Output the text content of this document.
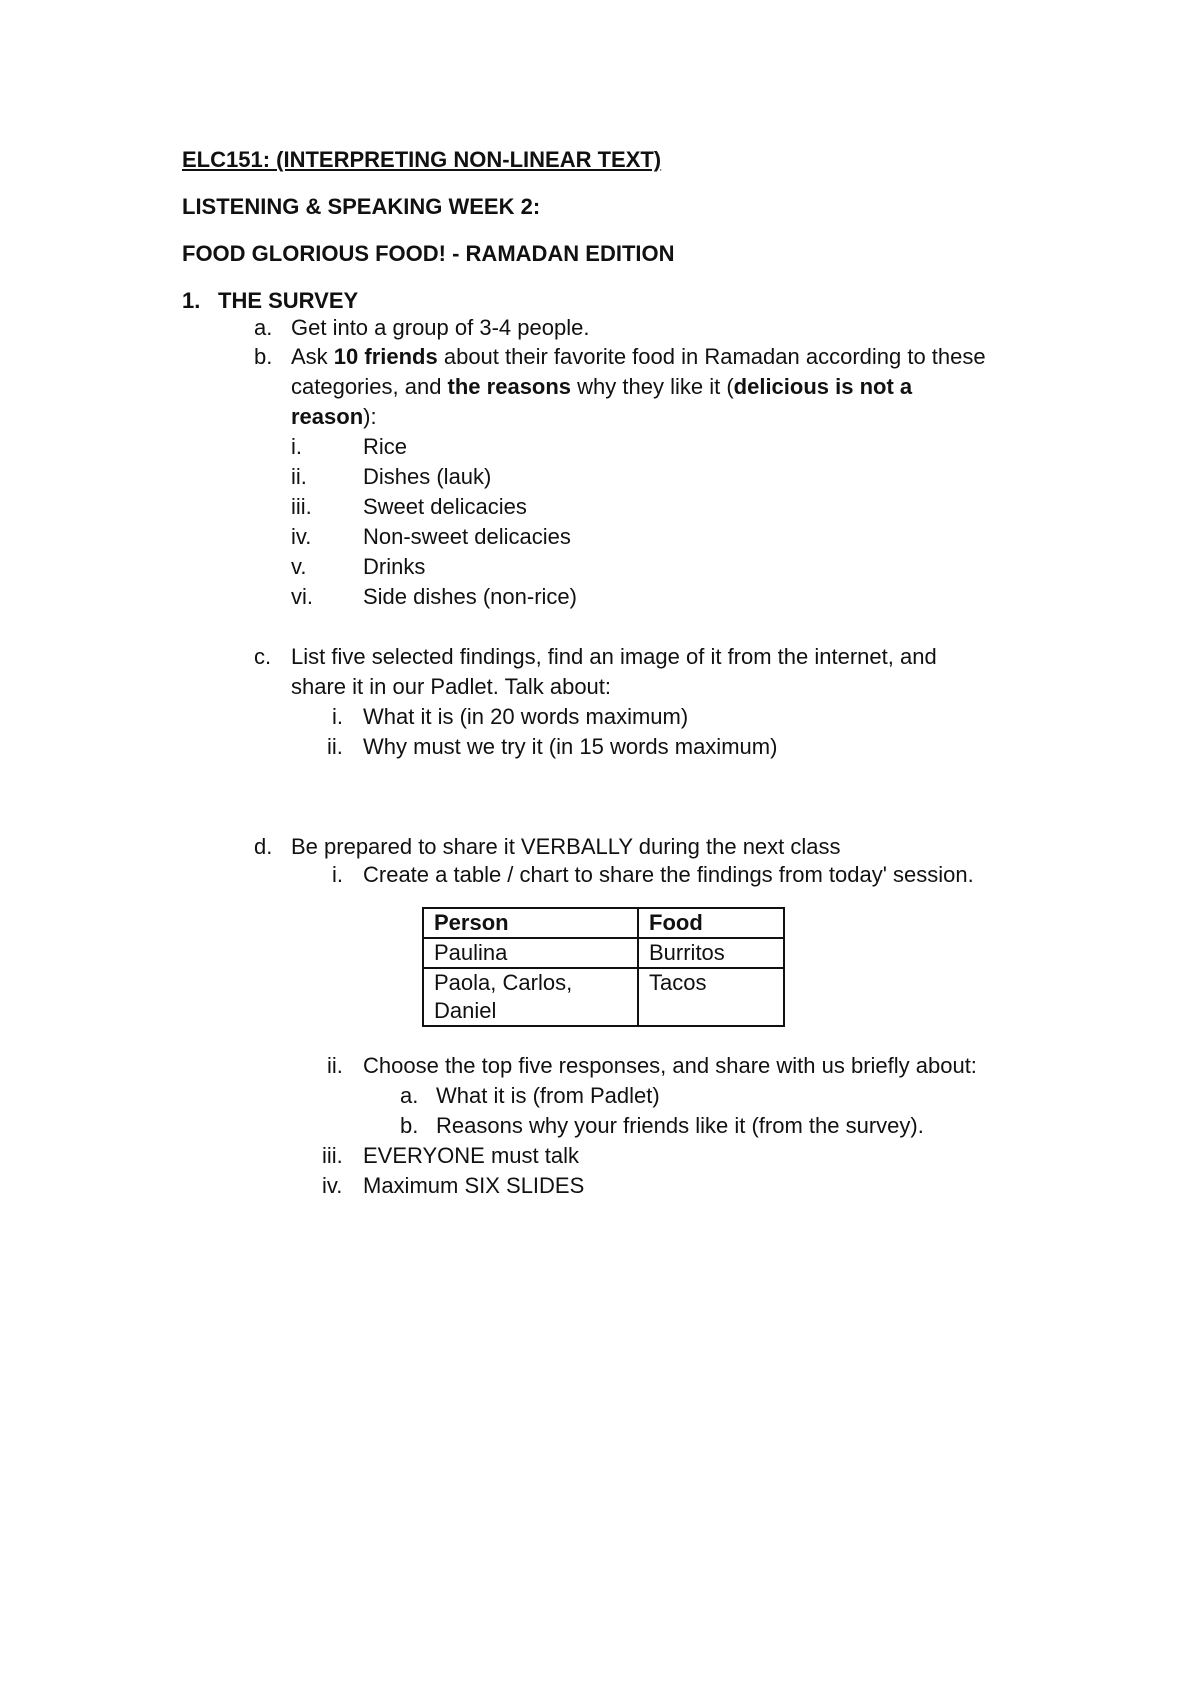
ELC151: (INTERPRETING NON-LINEAR TEXT)
LISTENING & SPEAKING WEEK 2:
FOOD GLORIOUS FOOD! - RAMADAN EDITION
1. THE SURVEY
a. Get into a group of 3-4 people.
b. Ask 10 friends about their favorite food in Ramadan according to these
categories, and the reasons why they like it (delicious is not a
reason):
i.	Rice
ii.	Dishes (lauk)
iii. Sweet delicacies
iv. Non-sweet delicacies
v.	Drinks
vi. Side dishes (non-rice)
c. List five selected findings, find an image of it from the internet, and
share it in our Padlet. Talk about:
i. What it is (in 20 words maximum)
ii. Why must we try it (in 15 words maximum)
d. Be prepared to share it VERBALLY during the next class
i. Create a table / chart to share the findings from today' session.
Person	Food
Paulina	Burritos
Paola, Carlos, Daniel	Tacos
ii. Choose the top five responses, and share with us briefly about:
a. What it is (from Padlet)
b. Reasons why your friends like it (from the survey).
iii. EVERYONE must talk
iv. Maximum SIX SLIDES
